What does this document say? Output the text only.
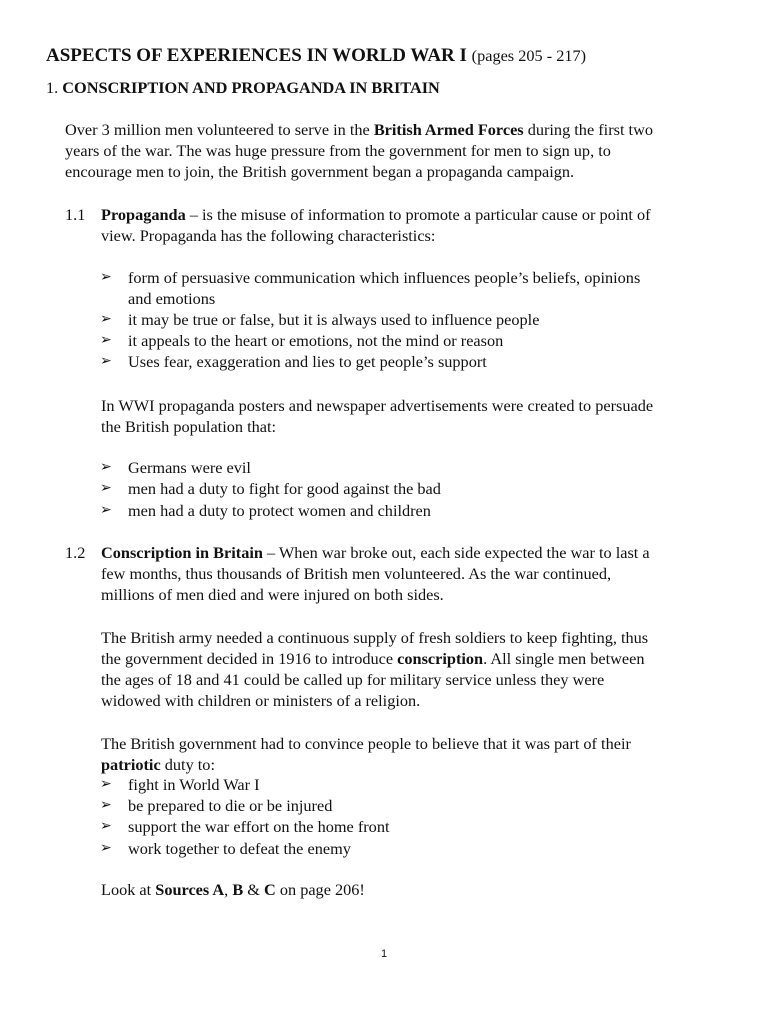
ASPECTS OF EXPERIENCES IN WORLD WAR I (pages 205 - 217)
1. CONSCRIPTION AND PROPAGANDA IN BRITAIN
Over 3 million men volunteered to serve in the British Armed Forces during the first two
years of the war. The was huge pressure from the government for men to sign up, to
encourage men to join, the British government began a propaganda campaign.
1.1 Propaganda – is the misuse of information to promote a particular cause or point of
view. Propaganda has the following characteristics:
➢ form of persuasive communication which influences people’s beliefs, opinions
and emotions
➢ it may be true or false, but it is always used to influence people
➢ it appeals to the heart or emotions, not the mind or reason
➢ Uses fear, exaggeration and lies to get people’s support
In WWI propaganda posters and newspaper advertisements were created to persuade
the British population that:
➢ Germans were evil
➢ men had a duty to fight for good against the bad
➢ men had a duty to protect women and children
1.2 Conscription in Britain – When war broke out, each side expected the war to last a
few months, thus thousands of British men volunteered. As the war continued,
millions of men died and were injured on both sides.
The British army needed a continuous supply of fresh soldiers to keep fighting, thus
the government decided in 1916 to introduce conscription. All single men between
the ages of 18 and 41 could be called up for military service unless they were
widowed with children or ministers of a religion.
The British government had to convince people to believe that it was part of their
patriotic duty to:
➢ fight in World War I
➢ be prepared to die or be injured
➢ support the war effort on the home front
➢ work together to defeat the enemy
Look at Sources A, B & C on page 206!
1
